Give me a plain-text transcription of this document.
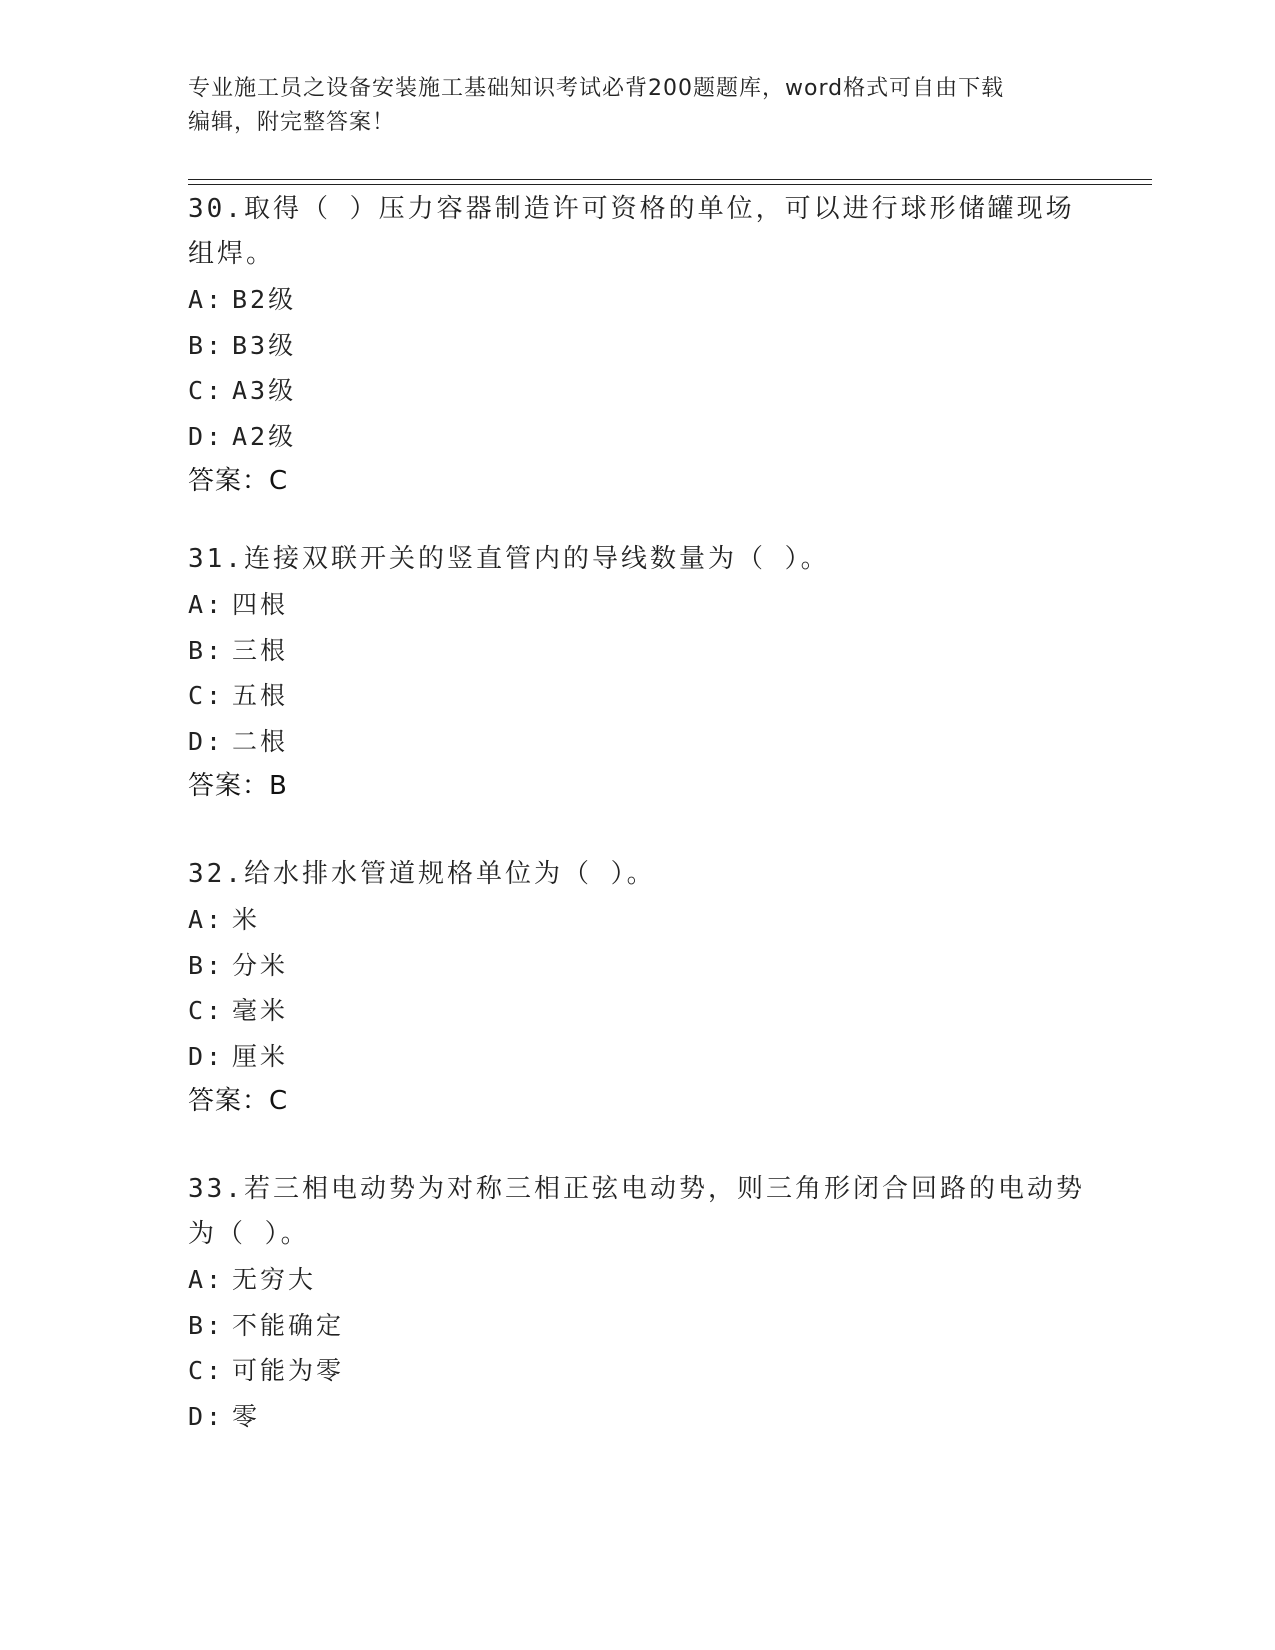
专业施工员之设备安装施工基础知识考试必背200题题库，word格式可自由下载
编辑，附完整答案！
30.取得（ ）压力容器制造许可资格的单位，可以进行球形储罐现场
组焊。
A: B2级
B: B3级
C: A3级
D: A2级
答案：C
31.连接双联开关的竖直管内的导线数量为（ ）。
A: 四根
B: 三根
C: 五根
D: 二根
答案：B
32.给水排水管道规格单位为（ ）。
A: 米
B: 分米
C: 毫米
D: 厘米
答案：C
33.若三相电动势为对称三相正弦电动势，则三角形闭合回路的电动势
为（ ）。
A: 无穷大
B: 不能确定
C: 可能为零
D: 零
